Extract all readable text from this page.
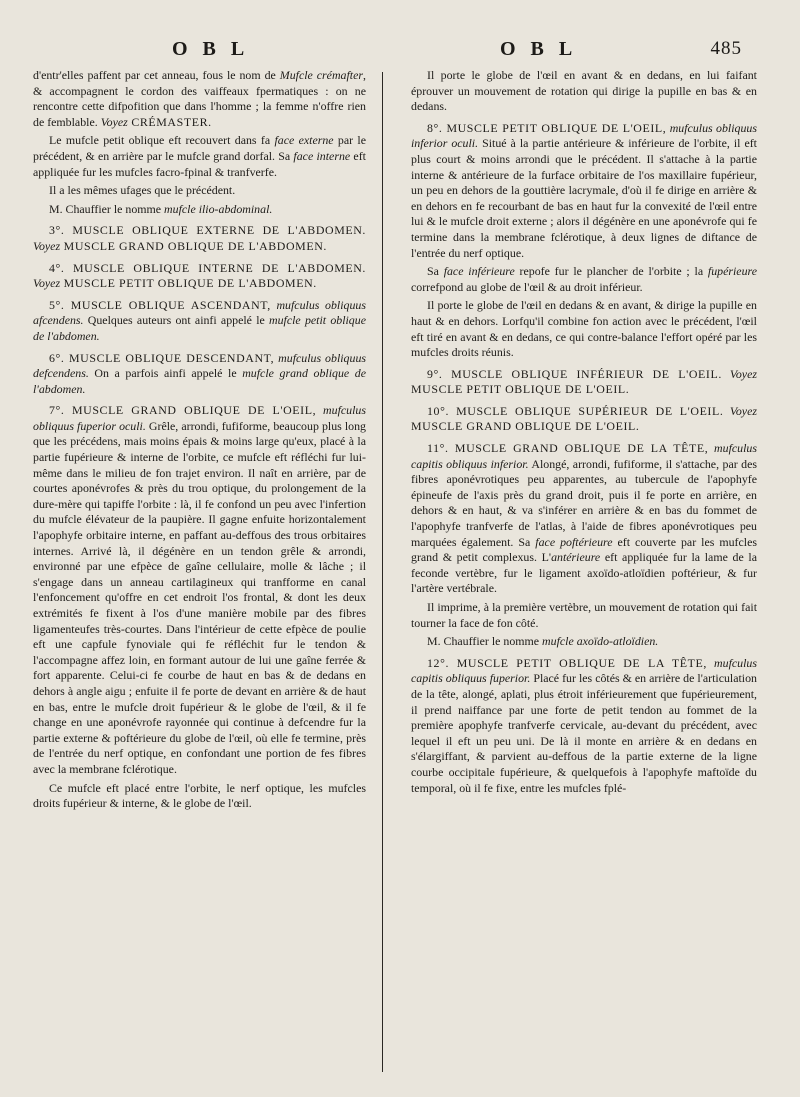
O B L	O B L	485

d'entr'elles paffent par cet anneau, fous le nom de Mufcle crémafter, & accompagnent le cordon des vaiffeaux fpermatiques : on ne rencontre cette difpofition que dans l'homme ; la femme n'offre rien de femblable. Voyez CRÉMASTER.

Le mufcle petit oblique eft recouvert dans fa face externe par le précédent, & en arrière par le mufcle grand dorfal. Sa face interne eft appliquée fur les mufcles facro-fpinal & tranfverfe.

Il a les mêmes ufages que le précédent.

M. Chauffier le nomme mufcle ilio-abdominal.

3°. MUSCLE OBLIQUE EXTERNE DE L'ABDOMEN. Voyez MUSCLE GRAND OBLIQUE DE L'ABDOMEN.

4°. MUSCLE OBLIQUE INTERNE DE L'ABDOMEN. Voyez MUSCLE PETIT OBLIQUE DE L'ABDOMEN.

5°. MUSCLE OBLIQUE ASCENDANT, mufculus obliquus afcendens. Quelques auteurs ont ainfi appelé le mufcle petit oblique de l'abdomen.

6°. MUSCLE OBLIQUE DESCENDANT, mufculus obliquus defcendens. On a parfois ainfi appelé le mufcle grand oblique de l'abdomen.

7°. MUSCLE GRAND OBLIQUE DE L'OEIL, mufculus obliquus fuperior oculi. Grêle, arrondi, fufiforme, beaucoup plus long que les précédens, mais moins épais & moins large qu'eux, placé à la partie fupérieure & interne de l'orbite, ce mufcle eft réfléchi fur lui-même dans le milieu de fon trajet environ. Il naît en arrière, par de courtes aponévrofes & près du trou optique, du prolongement de la dure-mère qui tapiffe l'orbite : là, il fe confond un peu avec l'infertion du mufcle élévateur de la paupière. Il gagne enfuite horizontalement l'apophyfe orbitaire interne, en paffant au-deffous des trous orbitaires internes. Arrivé là, il dégénère en un tendon grêle & arrondi, environné par une efpèce de gaîne cellulaire, molle & lâche ; il s'engage dans un anneau cartilagineux qui tranfforme en canal l'enfoncement qu'offre en cet endroit l'os frontal, & dont les deux extrémités fe fixent à l'os d'une manière mobile par des fibres ligamenteufes très-courtes. Dans l'intérieur de cette efpèce de poulie eft une capfule fynoviale qui fe réfléchit fur le tendon & l'accompagne affez loin, en formant autour de lui une gaîne ferrée & fort apparente. Celui-ci fe courbe de haut en bas & de dedans en dehors à angle aigu ; enfuite il fe porte de devant en arrière & de haut en bas, entre le mufcle droit fupérieur & le globe de l'œil, & il fe change en une aponévrofe rayonnée qui continue à defcendre fur la partie externe & poftérieure du globe de l'œil, où elle fe termine, près de l'entrée du nerf optique, en confondant une portion de fes fibres avec la membrane fclérotique.

Ce mufcle eft placé entre l'orbite, le nerf optique, les mufcles droits fupérieur & interne, & le globe de l'œil.

Il porte le globe de l'œil en avant & en dedans, en lui faifant éprouver un mouvement de rotation qui dirige la pupille en bas & en dedans.

8°. MUSCLE PETIT OBLIQUE DE L'OEIL, mufculus obliquus inferior oculi. Situé à la partie antérieure & inférieure de l'orbite, il eft plus court & moins arrondi que le précédent. Il s'attache à la partie interne & antérieure de la furface orbitaire de l'os maxillaire fupérieur, un peu en dehors de la gouttière lacrymale, d'où il fe dirige en arrière & en dehors en fe recourbant de bas en haut fur la convexité de l'œil entre lui & le mufcle droit externe ; alors il dégénère en une aponévrofe qui fe termine dans la membrane fclérotique, à deux lignes de diftance de l'entrée du nerf optique.

Sa face inférieure repofe fur le plancher de l'orbite ; la fupérieure correfpond au globe de l'œil & au droit inférieur.

Il porte le globe de l'œil en dedans & en avant, & dirige la pupille en haut & en dehors. Lorfqu'il combine fon action avec le précédent, l'œil eft tiré en avant & en dedans, ce qui contre-balance l'effort opéré par les mufcles droits réunis.

9°. MUSCLE OBLIQUE INFÉRIEUR DE L'OEIL. Voyez MUSCLE PETIT OBLIQUE DE L'OEIL.

10°. MUSCLE OBLIQUE SUPÉRIEUR DE L'OEIL. Voyez MUSCLE GRAND OBLIQUE DE L'OEIL.

11°. MUSCLE GRAND OBLIQUE DE LA TÊTE, mufculus capitis obliquus inferior. Alongé, arrondi, fufiforme, il s'attache, par des fibres aponévrotiques peu apparentes, au tubercule de l'apophyfe épineufe de l'axis près du grand droit, puis il fe porte en arrière, en dehors & en haut, & va s'inférer en arrière & en bas du fommet de l'apophyfe tranfverfe de l'atlas, à l'aide de fibres aponévrotiques peu marquées également. Sa face poftérieure eft couverte par les mufcles grand & petit complexus. L'antérieure eft appliquée fur la lame de la feconde vertèbre, fur le ligament axoïdo-atloïdien poftérieur, & fur l'artère vertébrale.

Il imprime, à la première vertèbre, un mouvement de rotation qui fait tourner la face de fon côté.

M. Chauffier le nomme mufcle axoïdo-atloïdien.

12°. MUSCLE PETIT OBLIQUE DE LA TÊTE, mufculus capitis obliquus fuperior. Placé fur les côtés & en arrière de l'articulation de la tête, alongé, aplati, plus étroit inférieurement que fupérieurement, il prend naiffance par une forte de petit tendon au fommet de la première apophyfe tranfverfe cervicale, au-devant du précédent, avec lequel il eft un peu uni. De là il monte en arrière & en dedans en s'élargiffant, & parvient au-deffous de la partie externe de la ligne courbe occipitale fupérieure, & quelquefois à l'apophyfe maftoïde du temporal, où il fe fixe, entre les mufcles fplé-
